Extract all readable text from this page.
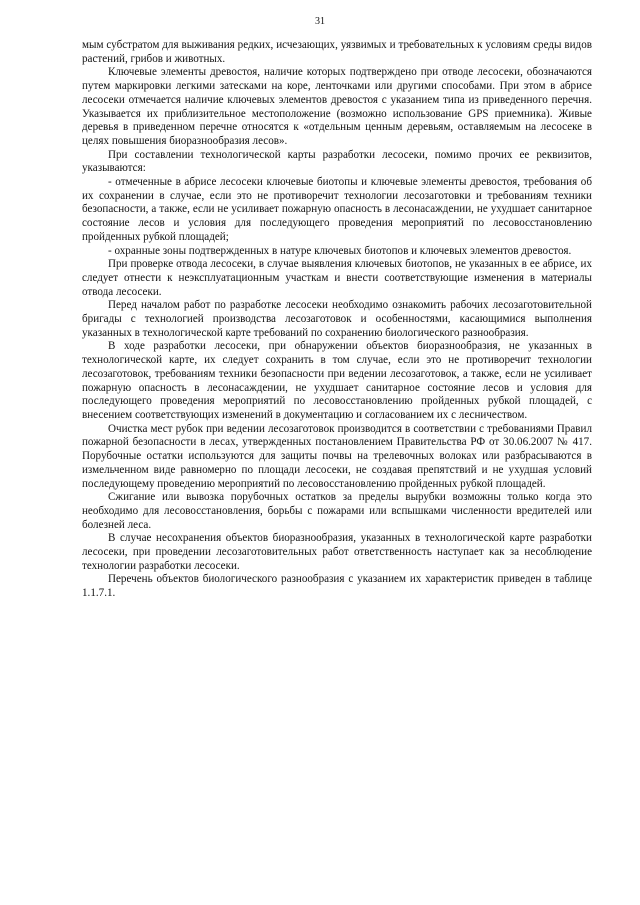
31

мым субстратом для выживания редких, исчезающих, уязвимых и требовательных к условиям среды видов растений, грибов и животных.

Ключевые элементы древостоя, наличие которых подтверждено при отводе лесосеки, обозначаются путем маркировки легкими затесками на коре, ленточками или другими способами. При этом в абрисе лесосеки отмечается наличие ключевых элементов древостоя с указанием типа из приведенного перечня. Указывается их приблизительное местоположение (возможно использование GPS приемника). Живые деревья в приведенном перечне относятся к «отдельным ценным деревьям, оставляемым на лесосеке в целях повышения биоразнообразия лесов».

При составлении технологической карты разработки лесосеки, помимо прочих ее реквизитов, указываются:

- отмеченные в абрисе лесосеки ключевые биотопы и ключевые элементы древостоя, требования об их сохранении в случае, если это не противоречит технологии лесозаготовки и требованиям техники безопасности, а также, если не усиливает пожарную опасность в лесонасаждении, не ухудшает санитарное состояние лесов и условия для последующего проведения мероприятий по лесовосстановлению пройденных рубкой площадей;

- охранные зоны подтвержденных в натуре ключевых биотопов и ключевых элементов древостоя.

При проверке отвода лесосеки, в случае выявления ключевых биотопов, не указанных в ее абрисе, их следует отнести к неэксплуатационным участкам и внести соответствующие изменения в материалы отвода лесосеки.

Перед началом работ по разработке лесосеки необходимо ознакомить рабочих лесозаготовительной бригады с технологией производства лесозаготовок и особенностями, касающимися выполнения указанных в технологической карте требований по сохранению биологического разнообразия.

В ходе разработки лесосеки, при обнаружении объектов биоразнообразия, не указанных в технологической карте, их следует сохранить в том случае, если это не противоречит технологии лесозаготовок, требованиям техники безопасности при ведении лесозаготовок, а также, если не усиливает пожарную опасность в лесонасаждении, не ухудшает санитарное состояние лесов и условия для последующего проведения мероприятий по лесовосстановлению пройденных рубкой площадей, с внесением соответствующих изменений в документацию и согласованием их с лесничеством.

Очистка мест рубок при ведении лесозаготовок производится в соответствии с требованиями Правил пожарной безопасности в лесах, утвержденных постановлением Правительства РФ от 30.06.2007 № 417. Порубочные остатки используются для защиты почвы на трелевочных волоках или разбрасываются в измельченном виде равномерно по площади лесосеки, не создавая препятствий и не ухудшая условий последующему проведению мероприятий по лесовосстановлению пройденных рубкой площадей.

Сжигание или вывозка порубочных остатков за пределы вырубки возможны только когда это необходимо для лесовосстановления, борьбы с пожарами или вспышками численности вредителей или болезней леса.

В случае несохранения объектов биоразнообразия, указанных в технологической карте разработки лесосеки, при проведении лесозаготовительных работ ответственность наступает как за несоблюдение технологии разработки лесосеки.

Перечень объектов биологического разнообразия с указанием их характеристик приведен в таблице 1.1.7.1.
